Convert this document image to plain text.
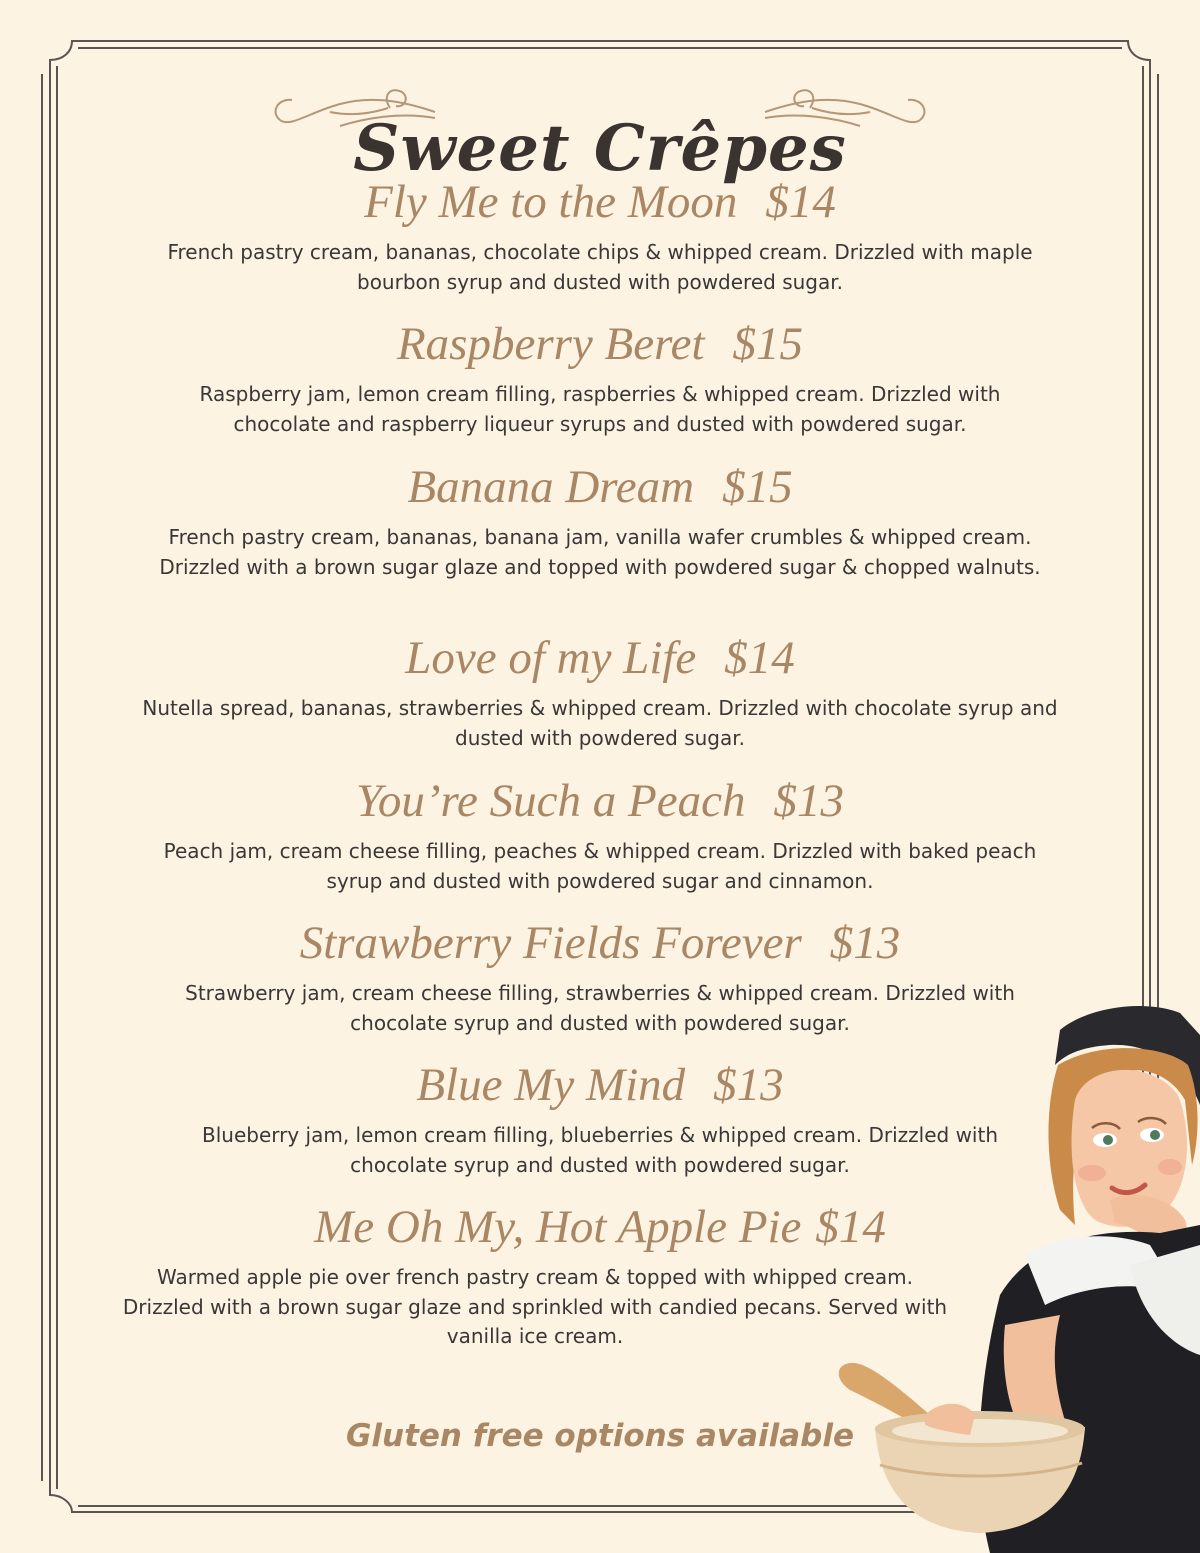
Sweet Crêpes
Fly Me to the Moon $14

French pastry cream, bananas, chocolate chips & whipped cream. Drizzled with maple bourbon syrup and dusted with powdered sugar.

Raspberry Beret $15

Raspberry jam, lemon cream filling, raspberries & whipped cream. Drizzled with chocolate and raspberry liqueur syrups and dusted with powdered sugar.

Banana Dream $15

French pastry cream, bananas, banana jam, vanilla wafer crumbles & whipped cream. Drizzled with a brown sugar glaze and topped with powdered sugar & chopped walnuts.

Love of my Life $14

Nutella spread, bananas, strawberries & whipped cream. Drizzled with chocolate syrup and dusted with powdered sugar.

You’re Such a Peach $13

Peach jam, cream cheese filling, peaches & whipped cream. Drizzled with baked peach syrup and dusted with powdered sugar and cinnamon.

Strawberry Fields Forever $13

Strawberry jam, cream cheese filling, strawberries & whipped cream. Drizzled with chocolate syrup and dusted with powdered sugar.

Blue My Mind $13

Blueberry jam, lemon cream filling, blueberries & whipped cream. Drizzled with chocolate syrup and dusted with powdered sugar.

Me Oh My, Hot Apple Pie $14

Warmed apple pie over french pastry cream & topped with whipped cream. Drizzled with a brown sugar glaze and sprinkled with candied pecans. Served with vanilla ice cream.

Gluten free options available
